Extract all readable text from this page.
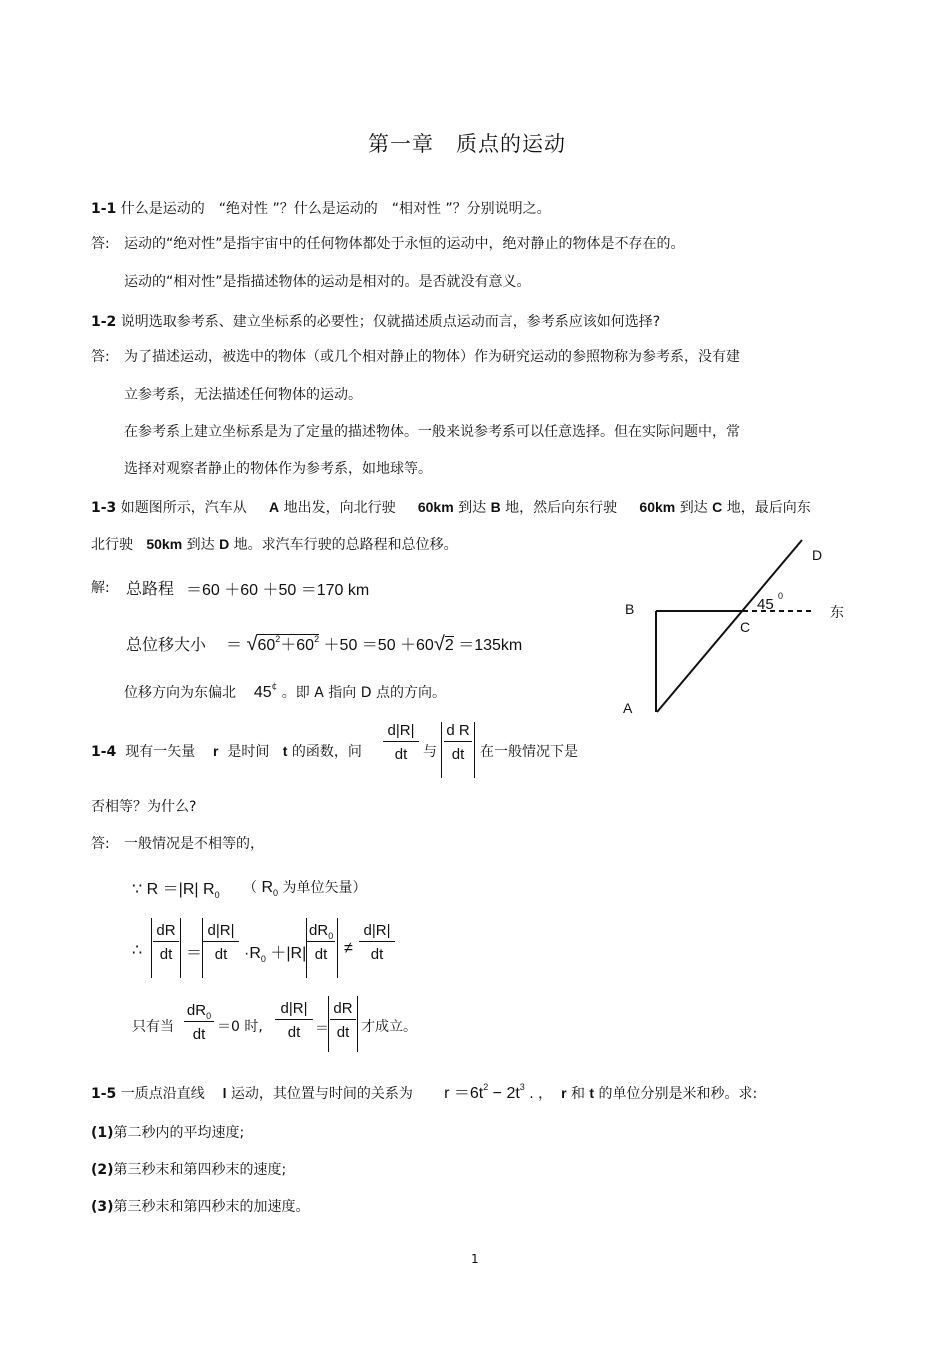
第一章　质点的运动
1-1 什么是运动的　“绝对性 ”？什么是运动的　“相对性 ”？分别说明之。
答: 运动的“绝对性”是指宇宙中的任何物体都处于永恒的运动中，绝对静止的物体是不存在的。
运动的“相对性”是指描述物体的运动是相对的。是否就没有意义。
1-2 说明选取参考系、建立坐标系的必要性；仅就描述质点运动而言，参考系应该如何选择?
答: 为了描述运动，被选中的物体（或几个相对静止的物体）作为研究运动的参照物称为参考系，没有建
立参考系，无法描述任何物体的运动。
在参考系上建立坐标系是为了定量的描述物体。一般来说参考系可以任意选择。但在实际问题中，常
选择对观察者静止的物体作为参考系，如地球等。
1-3 如题图所示，汽车从 A 地出发，向北行驶 60km 到达 B 地，然后向东行驶 60km 到达 C 地，最后向东
北行驶 50km 到达 D 地。求汽车行驶的总路程和总位移。
解: 总路程 ＝60 ＋60 ＋50 ＝170 km
总位移大小 ＝ $√60^2+60^2 +50 =50 +60√2 =135km$
位移方向为东偏北 45¢ 。即 A 指向 D 点的方向。
A
B
C
D
45 0
东
1-4 现有一矢量 r 是时间 t 的函数，问
d|R|
dt	与
d R
dt	在一般情况下是
否相等？为什么?
答: 一般情况是不相等的，
∵ R ＝|R| $R_0$ （ $R_0$ 为单位矢量）
∴
dR
dt ＝
d|R|
dt	$\cdot R_0 +|R|$
$dR_0$
dt	≠
d|R|
dt
只有当
$dR_0$
dt ＝0 时,
d|R|
dt	＝
dR
dt 才成立。
1-5 一质点沿直线 l 运动，其位置与时间的关系为 $r =6t^2 - 2t^3$ . ， r 和 t 的单位分别是米和秒。求:
(1)第二秒内的平均速度;
(2)第三秒末和第四秒末的速度;
(3)第三秒末和第四秒末的加速度。
1
